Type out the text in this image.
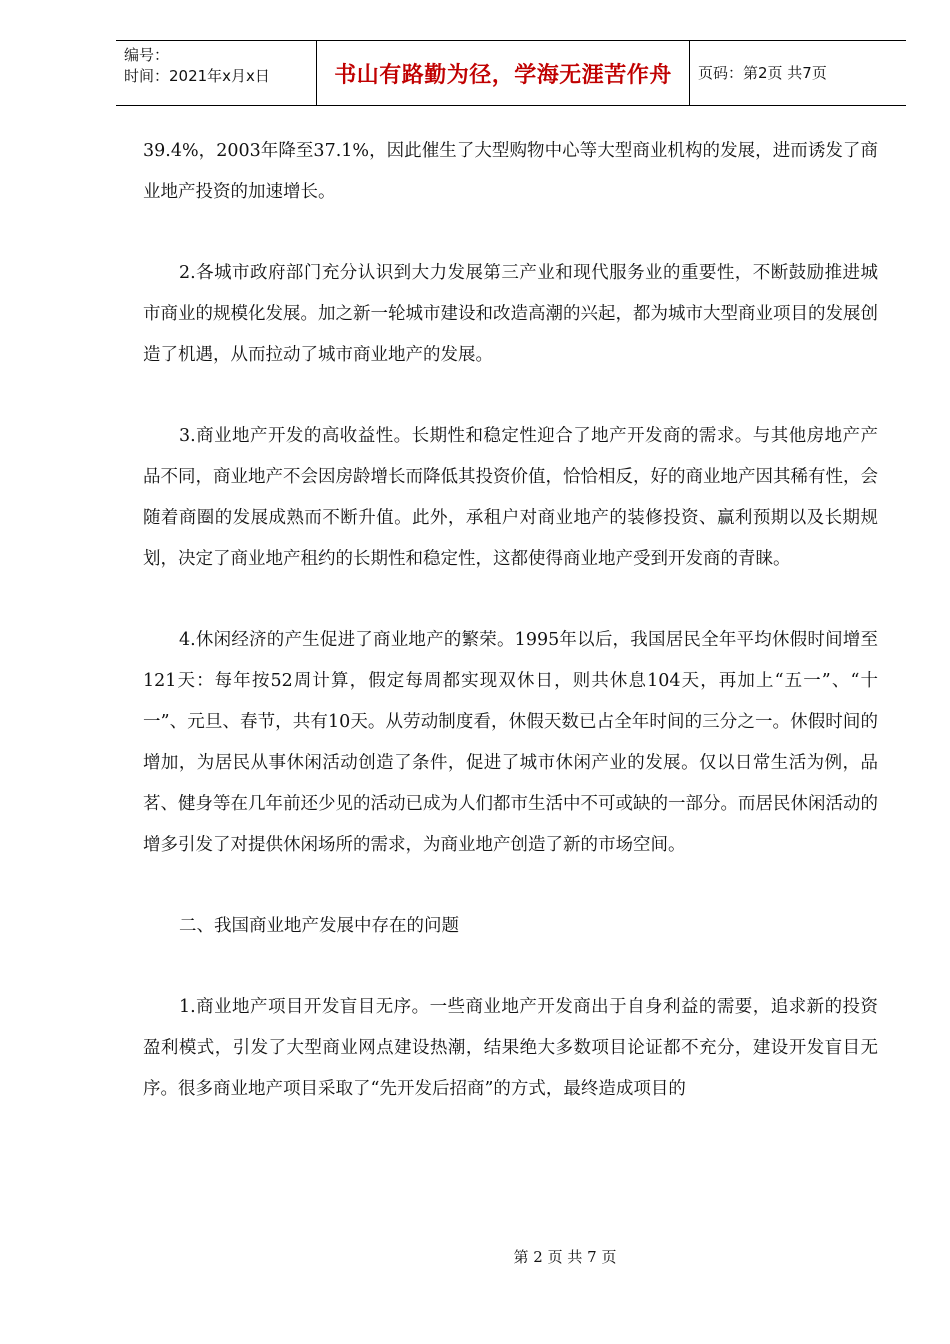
编号：
时间：2021年x月x日	书山有路勤为径，学海无涯苦作舟 页码：第2页 共7页

39.4%，2003年降至37.1%，因此催生了大型购物中心等大型商业机构的发展，进而诱发了商业地产投资的加速增长。

2.各城市政府部门充分认识到大力发展第三产业和现代服务业的重要性，不断鼓励推进城市商业的规模化发展。加之新一轮城市建设和改造高潮的兴起，都为城市大型商业项目的发展创造了机遇，从而拉动了城市商业地产的发展。

3.商业地产开发的高收益性。长期性和稳定性迎合了地产开发商的需求。与其他房地产产品不同，商业地产不会因房龄增长而降低其投资价值，恰恰相反，好的商业地产因其稀有性，会随着商圈的发展成熟而不断升值。此外，承租户对商业地产的装修投资、赢利预期以及长期规划，决定了商业地产租约的长期性和稳定性，这都使得商业地产受到开发商的青睐。

4.休闲经济的产生促进了商业地产的繁荣。1995年以后，我国居民全年平均休假时间增至121天：每年按52周计算，假定每周都实现双休日，则共休息104天，再加上“五一”、“十一”、元旦、春节，共有10天。从劳动制度看，休假天数已占全年时间的三分之一。休假时间的增加，为居民从事休闲活动创造了条件，促进了城市休闲产业的发展。仅以日常生活为例，品茗、健身等在几年前还少见的活动已成为人们都市生活中不可或缺的一部分。而居民休闲活动的增多引发了对提供休闲场所的需求，为商业地产创造了新的市场空间。

二、我国商业地产发展中存在的问题

1.商业地产项目开发盲目无序。一些商业地产开发商出于自身利益的需要，追求新的投资盈利模式，引发了大型商业网点建设热潮，结果绝大多数项目论证都不充分，建设开发盲目无序。很多商业地产项目采取了“先开发后招商”的方式，最终造成项目的

第 2 页 共 7 页
